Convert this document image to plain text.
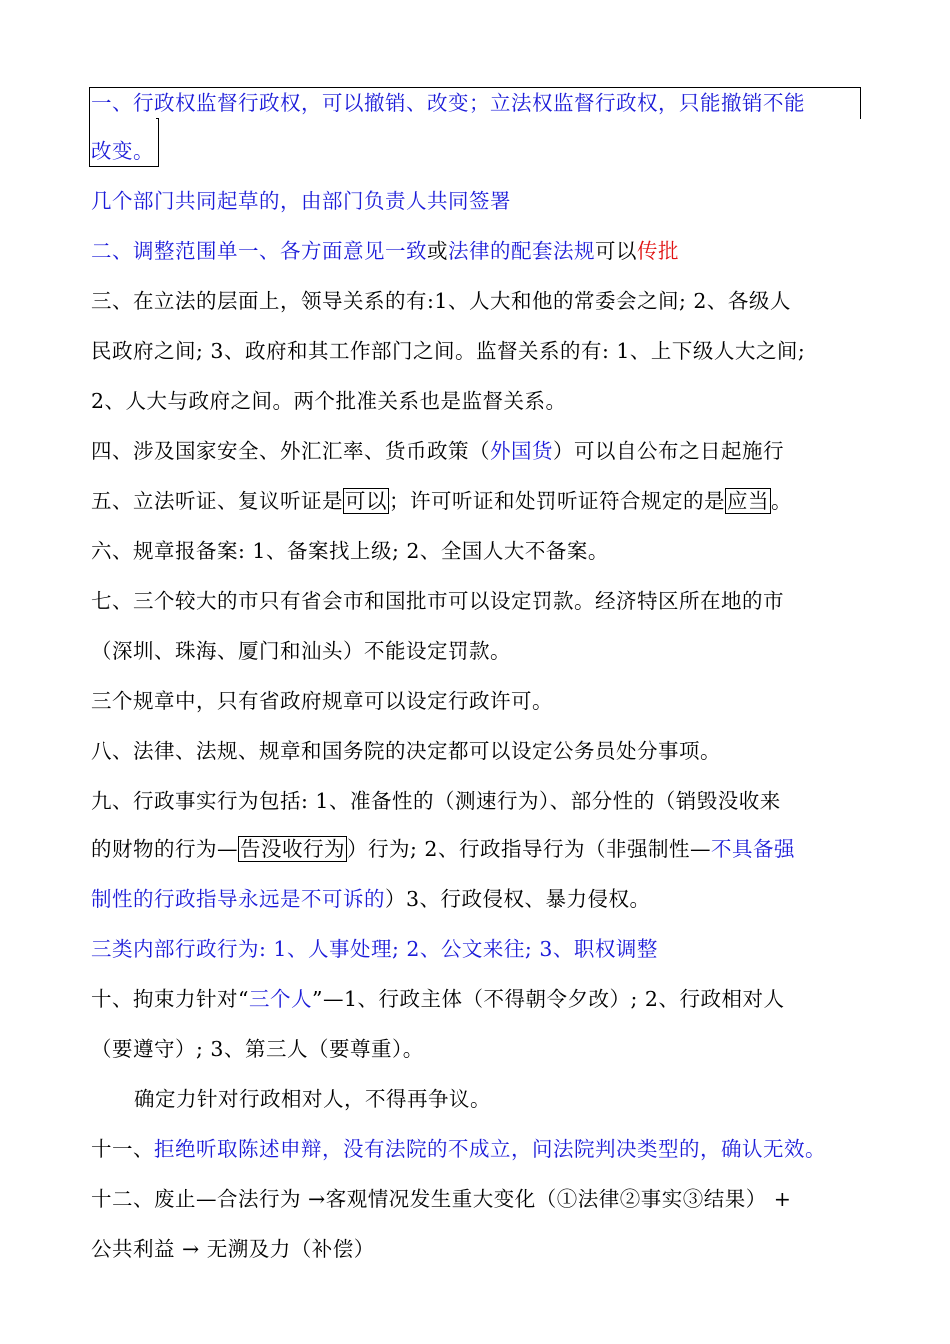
一、行政权监督行政权，可以撤销、改变；立法权监督行政权，只能撤销不能
改变。
几个部门共同起草的，由部门负责人共同签署
二、调整范围单一、各方面意见一致或法律的配套法规可以传批
三、在立法的层面上，领导关系的有:1、人大和他的常委会之间; 2、各级人
民政府之间; 3、政府和其工作部门之间。监督关系的有: 1、上下级人大之间;
2、人大与政府之间。两个批准关系也是监督关系。
四、涉及国家安全、外汇汇率、货币政策（外国货）可以自公布之日起施行
五、立法听证、复议听证是可以；许可听证和处罚听证符合规定的是应当。
六、规章报备案: 1、备案找上级; 2、全国人大不备案。
七、三个较大的市只有省会市和国批市可以设定罚款。经济特区所在地的市
（深圳、珠海、厦门和汕头）不能设定罚款。
三个规章中，只有省政府规章可以设定行政许可。
八、法律、法规、规章和国务院的决定都可以设定公务员处分事项。
九、行政事实行为包括: 1、准备性的（测速行为）、部分性的（销毁没收来
的财物的行为—告没收行为）行为; 2、行政指导行为（非强制性—不具备强
制性的行政指导永远是不可诉的）3、行政侵权、暴力侵权。
三类内部行政行为: 1、人事处理; 2、公文来往; 3、职权调整
十、拘束力针对“三个人”—1、行政主体（不得朝令夕改）; 2、行政相对人
（要遵守）; 3、第三人（要尊重）。
确定力针对行政相对人，不得再争议。
十一、拒绝听取陈述申辩，没有法院的不成立，问法院判决类型的，确认无效。
十二、废止—合法行为 →客观情况发生重大变化（①法律②事实③结果） +
公共利益 → 无溯及力（补偿）
